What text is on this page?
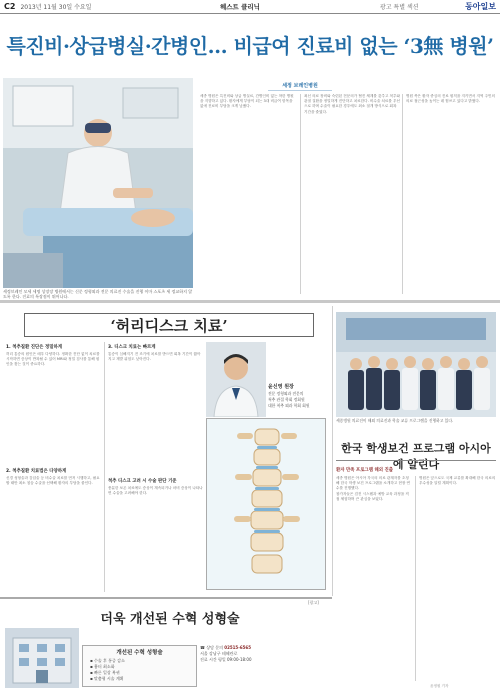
C2 2013년 11월 30일 수요일	헤스트 클리닉	광고 특별 섹션	동아일보
특진비·상급병실·간병인… 비급여 진료비 없는 ‘3無 병원’
세정브레인 모세 세명 상장장 병원에서는 신문 정형외과 전문 의료진 수술을 진행 이마 스포츠 세 정교하지 않도록 한다. 진료의 특장점이 뛰어나다.
세정 브레인병원

세종 병원은 특진비와 상급 병실료, 간병인비 없는 착한 병원을 지향하고 있다. 환자에게 부담이 되는 3대 비급여 항목을 없애 진료비 부담을 크게 낮췄다.

최신 의료 장비와 숙련된 전문의가 협진 체계를 갖추고 척추와 관절 질환을 정밀하게 진단하고 치료한다. 비수술 치료를 우선으로 하며 수술이 필요한 경우에도 최소 절개 방식으로 회복 기간을 줄였다.

병원 측은 환자 중심의 진료 원칙을 지키면서 지역 주민의 의료 접근성을 높이는 데 힘쓰고 있다고 밝혔다.

‘허리디스크 치료’
1. 척추질환 진단은 정밀하게
허리 통증의 원인은 매우 다양하다. 정확한 진단 없이 치료를 시작하면 증상이 반복될 수 있어 MRI와 정밀 검사를 통해 원인을 찾는 것이 중요하다.
2. 척추질환 치료법은 다양하게
신경 성형술과 감압술 등 비수술 치료를 먼저 시행하고, 필요할 때만 최소 침습 수술을 선택해 환자의 부담을 줄인다.
3. 디스크 치료는 빠르게
통증이 심해지기 전 조기에 치료를 받으면 회복 기간이 짧아지고 재발 위험도 낮아진다.
척추 디스크 고려 시 수술 판단 기준
충분한 보존 치료에도 증상이 계속되거나 마비 증상이 나타나면 수술을 고려해야 한다.
윤신영 원장
전문 정형외과 전문의
척추 관절 학회 정회원
대한 척추 외과 학회 회원
세종병원 의료진이 해외 의료진과 학술 교류 프로그램을 진행하고 있다.
한국 학생보건 프로그램 아시아에 알린다
환자 만족 프로그램 해외 진출

세종 병원은 아시아 각국의 의료 관계자를 초청해 한국 학생 보건 프로그램을 소개하고 현장 연수를 진행했다.

참가자들은 검진 시스템과 예방 교육 과정을 직접 체험하며 큰 관심을 보였다.

병원은 앞으로도 국제 교류를 확대해 한국 의료의 우수성을 알릴 계획이다.

[광고]
더욱 개선된 수혁 성형술
개선된 수혁 성형술
▪ 수술 후 통증 감소
▪ 흉터 최소화
▪ 빠른 일상 복귀
▪ 맞춤형 시술 계획
☎ 상담 문의 02515-6565
서울 강남구 테헤란로
진료 시간 평일 09:00-18:00
윤정원 기자
